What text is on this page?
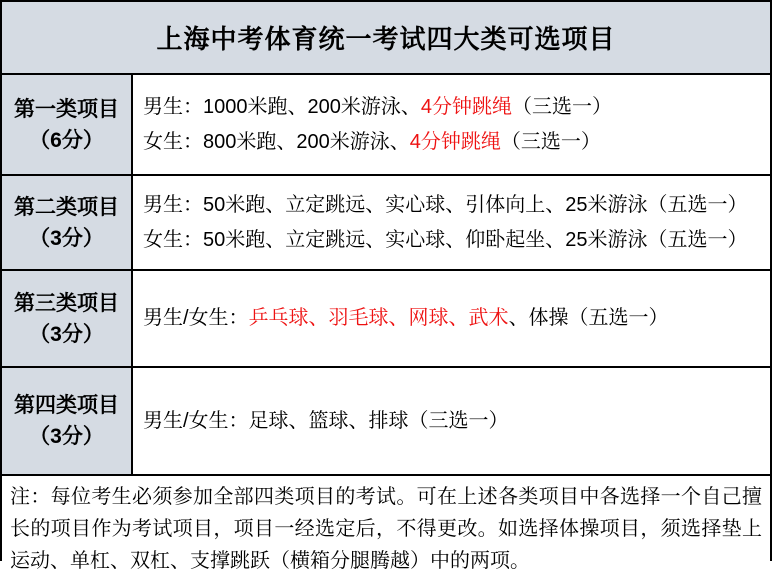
上海中考体育统一考试四大类可选项目
第一类项目
（6分）
男生：1000米跑、200米游泳、4分钟跳绳（三选一）
女生：800米跑、200米游泳、4分钟跳绳（三选一）
第二类项目
（3分）
男生：50米跑、立定跳远、实心球、引体向上、25米游泳（五选一）
女生：50米跑、立定跳远、实心球、仰卧起坐、25米游泳（五选一）
第三类项目
（3分）
男生/女生：乒乓球、羽毛球、网球、武术、体操（五选一）
第四类项目
（3分）
男生/女生：足球、篮球、排球（三选一）
注：每位考生必须参加全部四类项目的考试。可在上述各类项目中各选择一个自己擅长的项目作为考试项目，项目一经选定后，不得更改。如选择体操项目，须选择垫上运动、单杠、双杠、支撑跳跃（横箱分腿腾越）中的两项。
